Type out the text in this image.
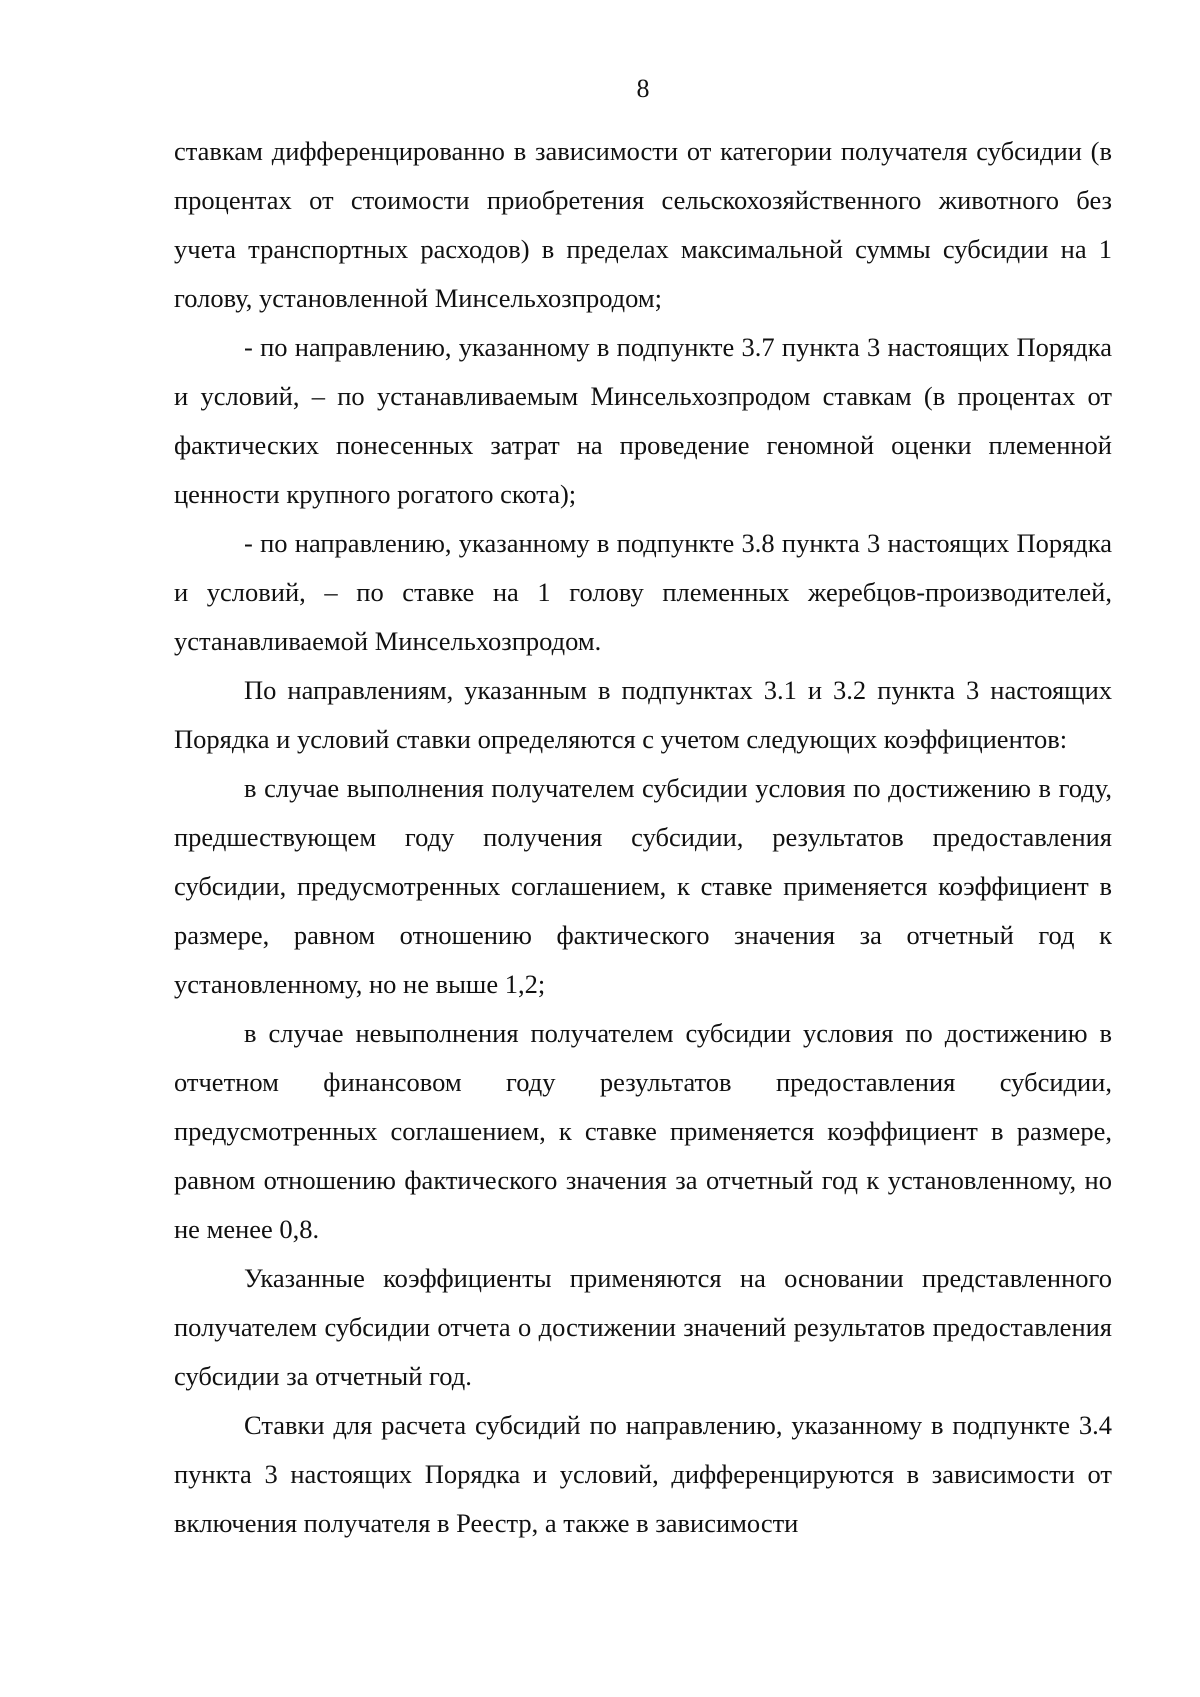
8

ставкам дифференцированно в зависимости от категории получателя субсидии (в процентах от стоимости приобретения сельскохозяйственного животного без учета транспортных расходов) в пределах максимальной суммы субсидии на 1 голову, установленной Минсельхозпродом;

- по направлению, указанному в подпункте 3.7 пункта 3 настоящих Порядка и условий, – по устанавливаемым Минсельхозпродом ставкам (в процентах от фактических понесенных затрат на проведение геномной оценки племенной ценности крупного рогатого скота);

- по направлению, указанному в подпункте 3.8 пункта 3 настоящих Порядка и условий, – по ставке на 1 голову племенных жеребцов-производителей, устанавливаемой Минсельхозпродом.

По направлениям, указанным в подпунктах 3.1 и 3.2 пункта 3 настоящих Порядка и условий ставки определяются с учетом следующих коэффициентов:

в случае выполнения получателем субсидии условия по достижению в году, предшествующем году получения субсидии, результатов предоставления субсидии, предусмотренных соглашением, к ставке применяется коэффициент в размере, равном отношению фактического значения за отчетный год к установленному, но не выше 1,2;

в случае невыполнения получателем субсидии условия по достижению в отчетном финансовом году результатов предоставления субсидии, предусмотренных соглашением, к ставке применяется коэффициент в размере, равном отношению фактического значения за отчетный год к установленному, но не менее 0,8.

Указанные коэффициенты применяются на основании представленного получателем субсидии отчета о достижении значений результатов предоставления субсидии за отчетный год.

Ставки для расчета субсидий по направлению, указанному в подпункте 3.4 пункта 3 настоящих Порядка и условий, дифференцируются в зависимости от включения получателя в Реестр, а также в зависимости
